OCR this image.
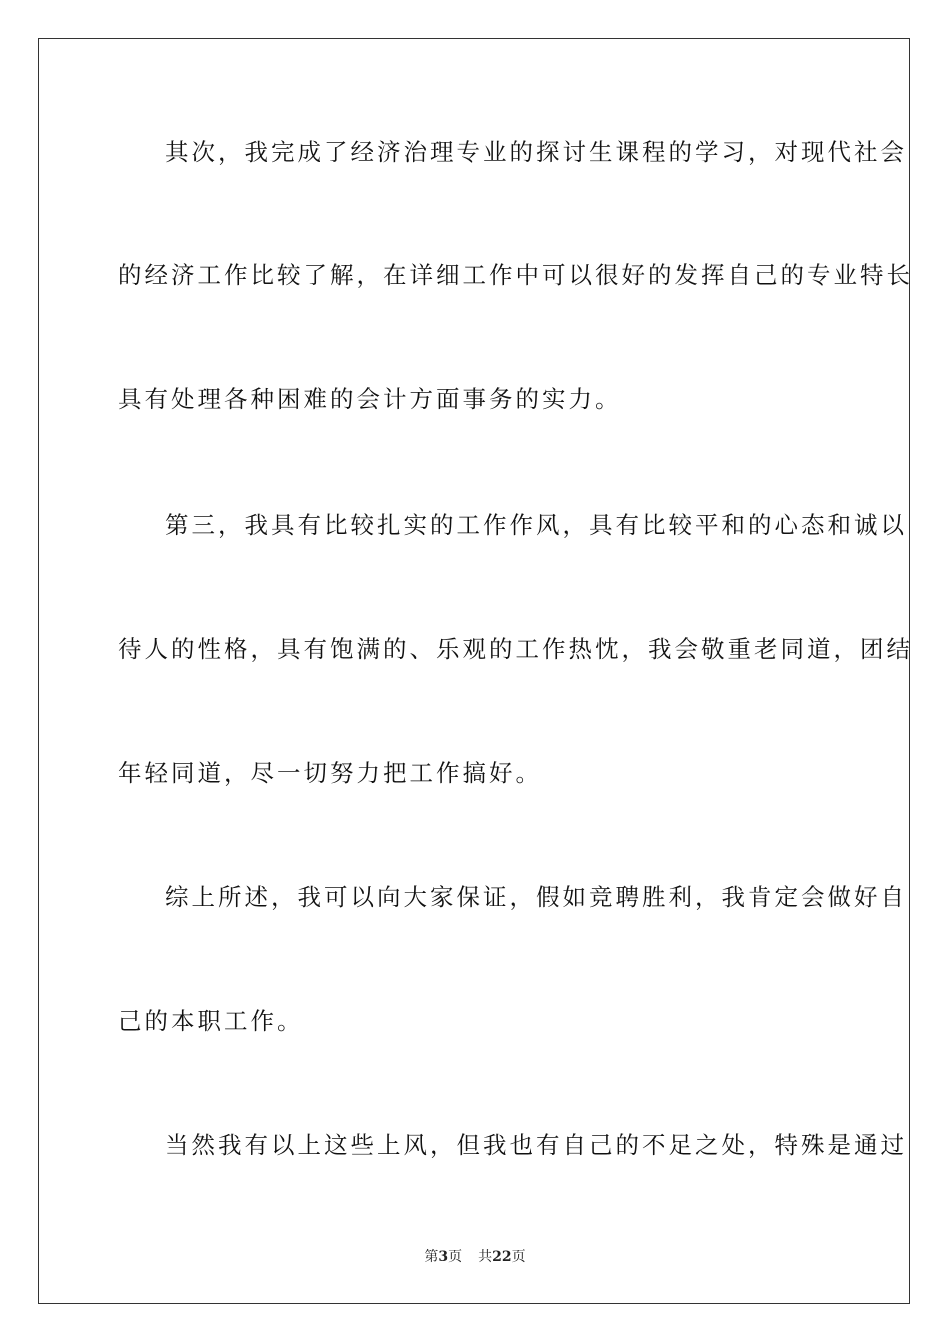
其次，我完成了经济治理专业的探讨生课程的学习，对现代社会
的经济工作比较了解，在详细工作中可以很好的发挥自己的专业特长
具有处理各种困难的会计方面事务的实力。
第三，我具有比较扎实的工作作风，具有比较平和的心态和诚以
待人的性格，具有饱满的、乐观的工作热忱，我会敬重老同道，团结
年轻同道，尽一切努力把工作搞好。
综上所述，我可以向大家保证，假如竞聘胜利，我肯定会做好自
己的本职工作。
当然我有以上这些上风，但我也有自己的不足之处，特殊是通过
第3页 共22页
